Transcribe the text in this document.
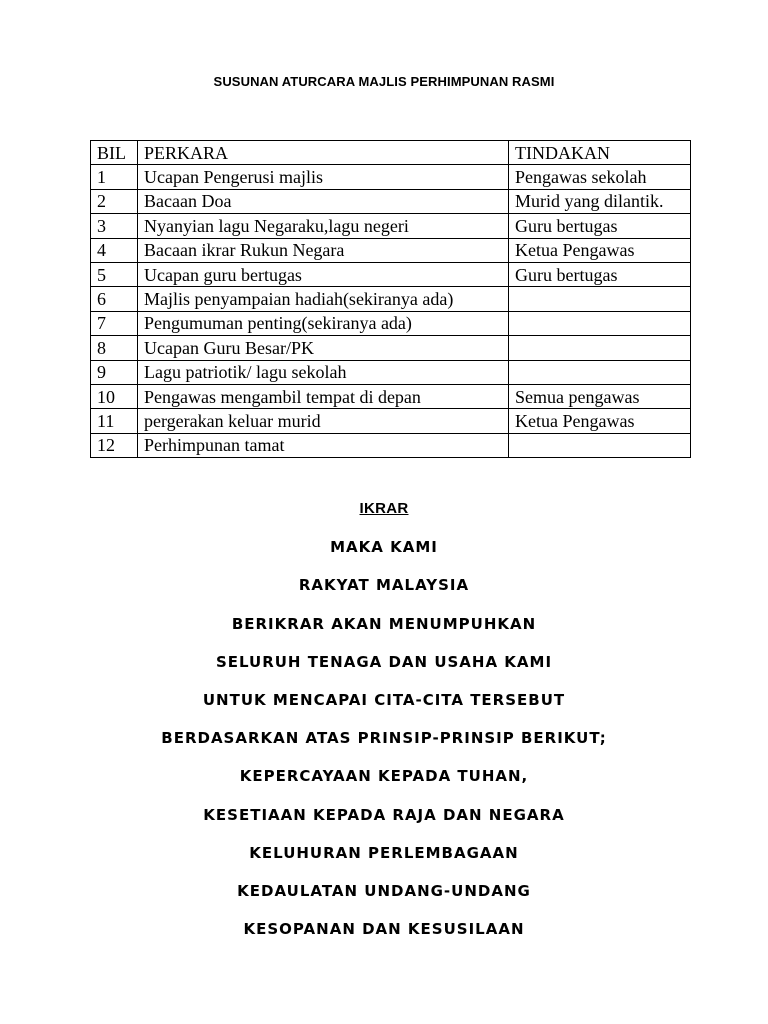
SUSUNAN ATURCARA MAJLIS PERHIMPUNAN RASMI
BIL	PERKARA	TINDAKAN
1	Ucapan Pengerusi majlis	Pengawas sekolah
2	Bacaan Doa	Murid yang dilantik.
3	Nyanyian lagu Negaraku,lagu negeri	Guru bertugas
4	Bacaan ikrar Rukun Negara	Ketua Pengawas
5	Ucapan guru bertugas	Guru bertugas
6	Majlis penyampaian hadiah(sekiranya ada)	
7	Pengumuman penting(sekiranya ada)	
8	Ucapan Guru Besar/PK	
9	Lagu patriotik/ lagu sekolah	
10	Pengawas mengambil tempat di depan	Semua pengawas
11	pergerakan keluar murid	Ketua Pengawas
12	Perhimpunan tamat	
IKRAR
MAKA KAMI
RAKYAT MALAYSIA
BERIKRAR AKAN MENUMPUHKAN
SELURUH TENAGA DAN USAHA KAMI
UNTUK MENCAPAI CITA-CITA TERSEBUT
BERDASARKAN ATAS PRINSIP-PRINSIP BERIKUT;
KEPERCAYAAN KEPADA TUHAN,
KESETIAAN KEPADA RAJA DAN NEGARA
KELUHURAN PERLEMBAGAAN
KEDAULATAN UNDANG-UNDANG
KESOPANAN DAN KESUSILAAN
